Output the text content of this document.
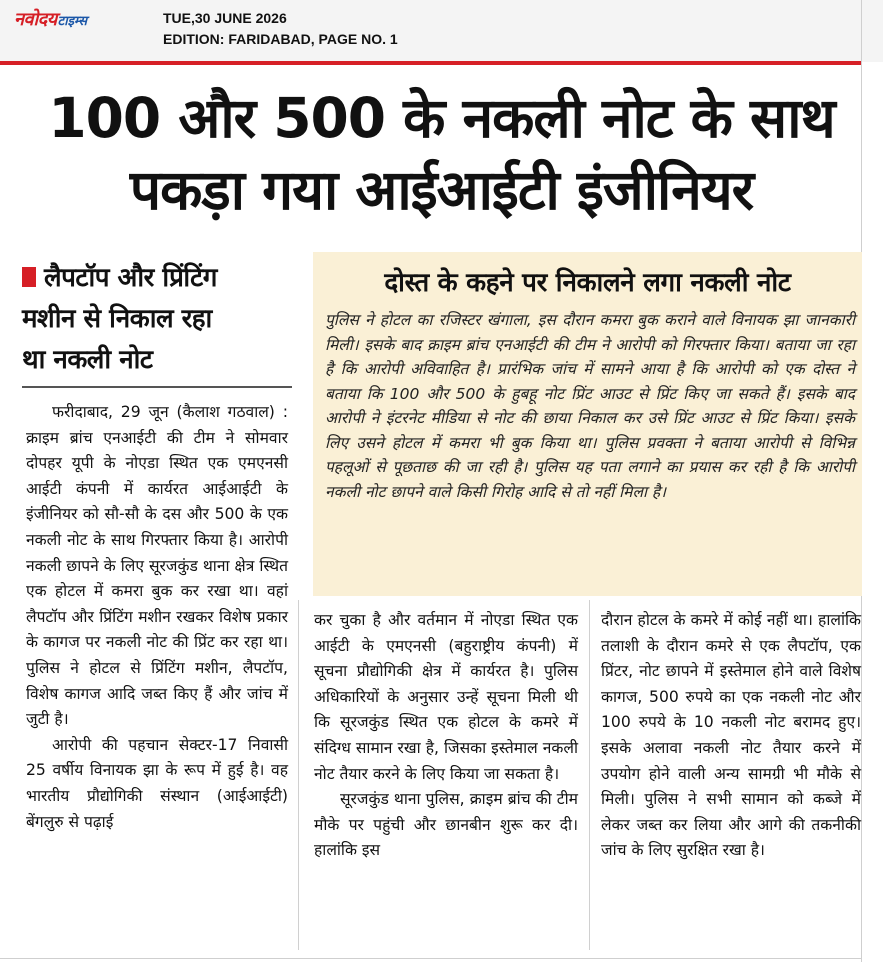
नवोदयटाइम्स	TUE,30 JUNE 2026
EDITION: FARIDABAD, PAGE NO. 1
100 और 500 के नकली नोट के साथ
पकड़ा गया आईआईटी इंजीनियर
लैपटॉप और प्रिंटिंग
मशीन से निकाल रहा
था नकली नोट
दोस्त के कहने पर निकालने लगा नकली नोट
पुलिस ने होटल का रजिस्टर खंगाला, इस दौरान कमरा बुक कराने वाले विनायक झा जानकारी मिली। इसके बाद क्राइम ब्रांच एनआईटी की टीम ने आरोपी को गिरफ्तार किया। बताया जा रहा है कि आरोपी अविवाहित है। प्रारंभिक जांच में सामने आया है कि आरोपी को एक दोस्त ने बताया कि 100 और 500 के हुबहू नोट प्रिंट आउट से प्रिंट किए जा सकते हैं। इसके बाद आरोपी ने इंटरनेट मीडिया से नोट की छाया निकाल कर उसे प्रिंट आउट से प्रिंट किया। इसके लिए उसने होटल में कमरा भी बुक किया था। पुलिस प्रवक्ता ने बताया आरोपी से विभिन्न पहलूओं से पूछताछ की जा रही है। पुलिस यह पता लगाने का प्रयास कर रही है कि आरोपी नकली नोट छापने वाले किसी गिरोह आदि से तो नहीं मिला है।

फरीदाबाद, 29 जून (कैलाश गठवाल) : क्राइम ब्रांच एनआईटी की टीम ने सोमवार दोपहर यूपी के नोएडा स्थित एक एमएनसी आईटी कंपनी में कार्यरत आईआईटी के इंजीनियर को सौ-सौ के दस और 500 के एक नकली नोट के साथ गिरफ्तार किया है। आरोपी नकली छापने के लिए सूरजकुंड थाना क्षेत्र स्थित एक होटल में कमरा बुक कर रखा था। वहां लैपटॉप और प्रिंटिंग मशीन रखकर विशेष प्रकार के कागज पर नकली नोट की प्रिंट कर रहा था। पुलिस ने होटल से प्रिंटिंग मशीन, लैपटॉप, विशेष कागज आदि जब्त किए हैं और जांच में जुटी है।

आरोपी की पहचान सेक्टर-17 निवासी 25 वर्षीय विनायक झा के रूप में हुई है। वह भारतीय प्रौद्योगिकी संस्थान (आईआईटी) बेंगलुरु से पढ़ाई

कर चुका है और वर्तमान में नोएडा स्थित एक आईटी के एमएनसी (बहुराष्ट्रीय कंपनी) में सूचना प्रौद्योगिकी क्षेत्र में कार्यरत है। पुलिस अधिकारियों के अनुसार उन्हें सूचना मिली थी कि सूरजकुंड स्थित एक होटल के कमरे में संदिग्ध सामान रखा है, जिसका इस्तेमाल नकली नोट तैयार करने के लिए किया जा सकता है।

सूरजकुंड थाना पुलिस, क्राइम ब्रांच की टीम मौके पर पहुंची और छानबीन शुरू कर दी। हालांकि इस

दौरान होटल के कमरे में कोई नहीं था। हालांकि तलाशी के दौरान कमरे से एक लैपटॉप, एक प्रिंटर, नोट छापने में इस्तेमाल होने वाले विशेष कागज, 500 रुपये का एक नकली नोट और 100 रुपये के 10 नकली नोट बरामद हुए। इसके अलावा नकली नोट तैयार करने में उपयोग होने वाली अन्य सामग्री भी मौके से मिली। पुलिस ने सभी सामान को कब्जे में लेकर जब्त कर लिया और आगे की तकनीकी जांच के लिए सुरक्षित रखा है।
